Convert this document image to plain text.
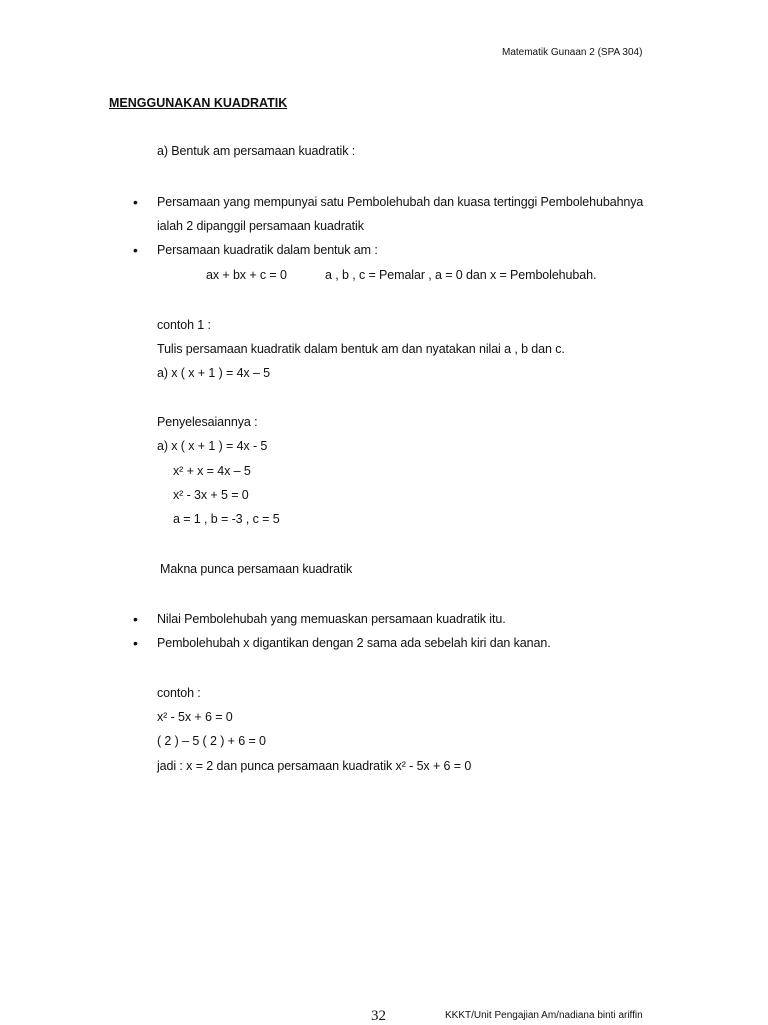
Matematik Gunaan 2 (SPA 304)
MENGGUNAKAN KUADRATIK
a) Bentuk am persamaan kuadratik :
• Persamaan yang mempunyai satu Pembolehubah dan kuasa tertinggi Pembolehubahnya
ialah 2 dipanggil persamaan kuadratik
• Persamaan kuadratik dalam bentuk am :
ax + bx + c = 0	a , b , c = Pemalar , a = 0 dan x = Pembolehubah.
contoh 1 :
Tulis persamaan kuadratik dalam bentuk am dan nyatakan nilai a , b dan c.
a) x ( x + 1 ) = 4x – 5
Penyelesaiannya :
a) x ( x + 1 ) = 4x - 5
x² + x = 4x – 5
x² - 3x + 5 = 0
a = 1 , b = -3 , c = 5
Makna punca persamaan kuadratik
• Nilai Pembolehubah yang memuaskan persamaan kuadratik itu.
• Pembolehubah x digantikan dengan 2 sama ada sebelah kiri dan kanan.
contoh :
x² - 5x + 6 = 0
( 2 ) – 5 ( 2 ) + 6 = 0
jadi : x = 2 dan punca persamaan kuadratik x² - 5x + 6 = 0
32	KKKT/Unit Pengajian Am/nadiana binti ariffin
